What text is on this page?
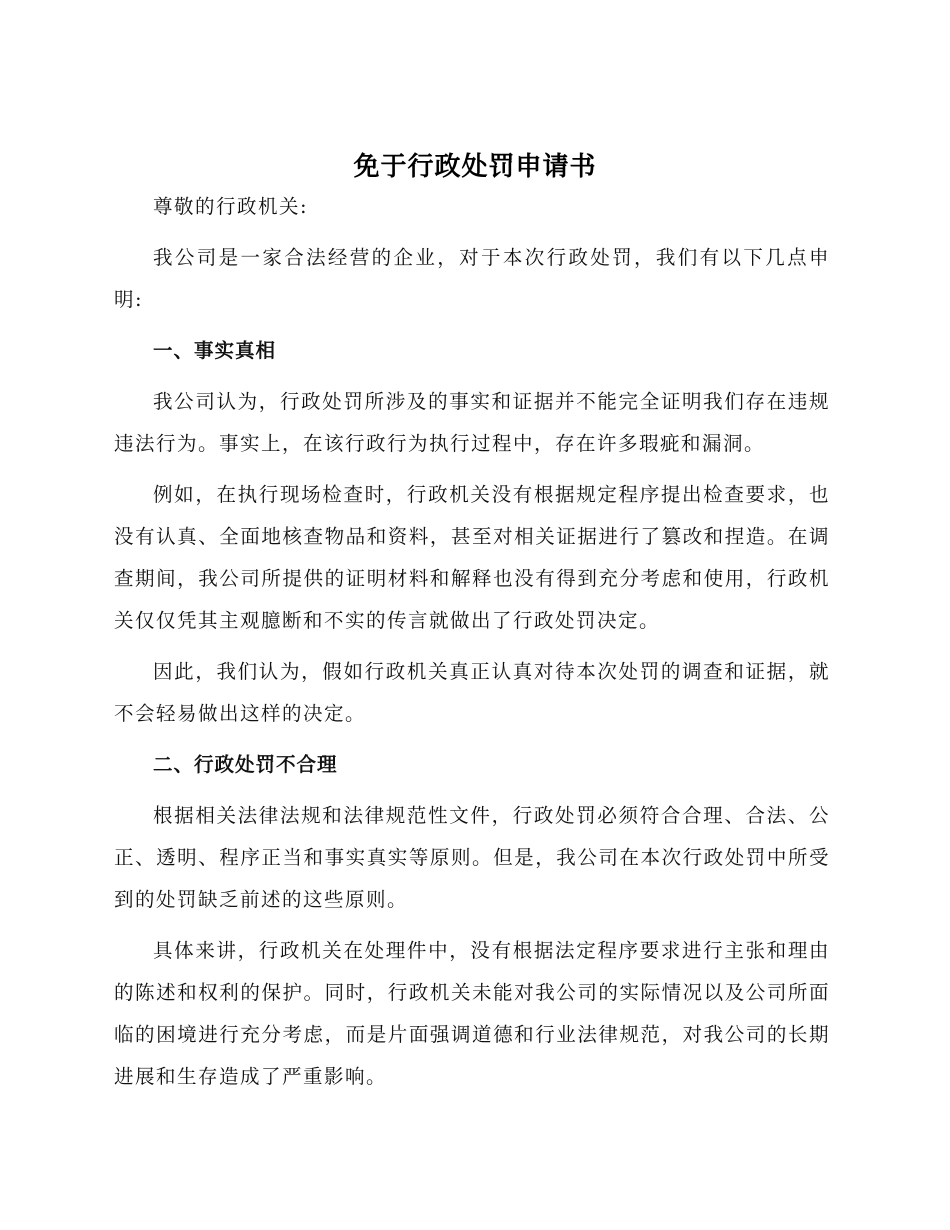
免于行政处罚申请书

尊敬的行政机关:

我公司是一家合法经营的企业，对于本次行政处罚，我们有以下几点申明:

一、事实真相

我公司认为，行政处罚所涉及的事实和证据并不能完全证明我们存在违规违法行为。事实上，在该行政行为执行过程中，存在许多瑕疵和漏洞。

例如，在执行现场检查时，行政机关没有根据规定程序提出检查要求，也没有认真、全面地核查物品和资料，甚至对相关证据进行了篡改和捏造。在调查期间，我公司所提供的证明材料和解释也没有得到充分考虑和使用，行政机关仅仅凭其主观臆断和不实的传言就做出了行政处罚决定。

因此，我们认为，假如行政机关真正认真对待本次处罚的调查和证据，就不会轻易做出这样的决定。

二、行政处罚不合理

根据相关法律法规和法律规范性文件，行政处罚必须符合合理、合法、公正、透明、程序正当和事实真实等原则。但是，我公司在本次行政处罚中所受到的处罚缺乏前述的这些原则。

具体来讲，行政机关在处理件中，没有根据法定程序要求进行主张和理由的陈述和权利的保护。同时，行政机关未能对我公司的实际情况以及公司所面临的困境进行充分考虑，而是片面强调道德和行业法律规范，对我公司的长期进展和生存造成了严重影响。
